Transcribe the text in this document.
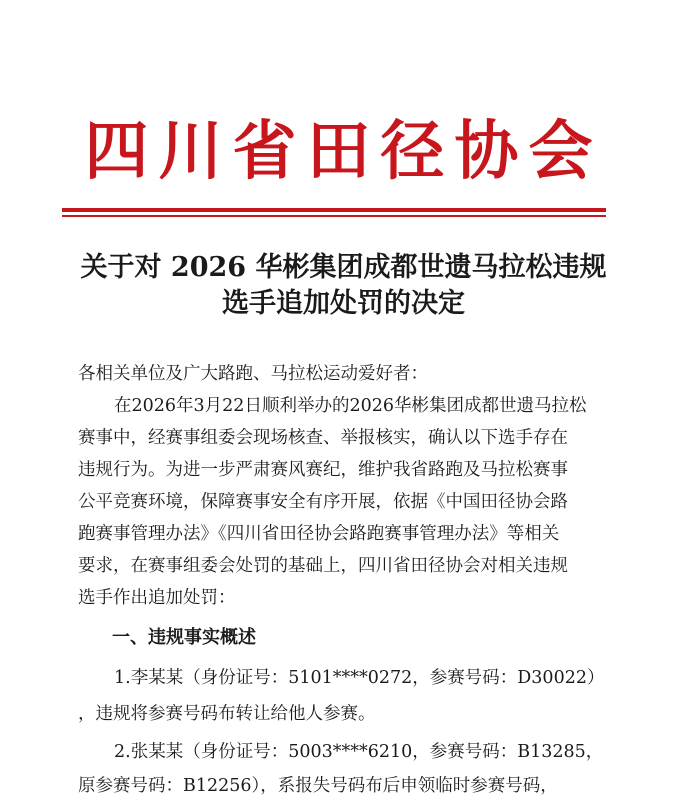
四川省田径协会
关于对 2026 华彬集团成都世遗马拉松违规
选手追加处罚的决定
各相关单位及广大路跑、马拉松运动爱好者：
在2026年3月22日顺利举办的2026华彬集团成都世遗马拉松
赛事中，经赛事组委会现场核查、举报核实，确认以下选手存在
违规行为。为进一步严肃赛风赛纪，维护我省路跑及马拉松赛事
公平竞赛环境，保障赛事安全有序开展，依据《中国田径协会路
跑赛事管理办法》《四川省田径协会路跑赛事管理办法》等相关
要求，在赛事组委会处罚的基础上，四川省田径协会对相关违规
选手作出追加处罚：
一、违规事实概述
1.李某某（身份证号：5101****0272，参赛号码：D30022）
，违规将参赛号码布转让给他人参赛。
2.张某某（身份证号：5003****6210，参赛号码：B13285，
原参赛号码：B12256），系报失号码布后申领临时参赛号码，
